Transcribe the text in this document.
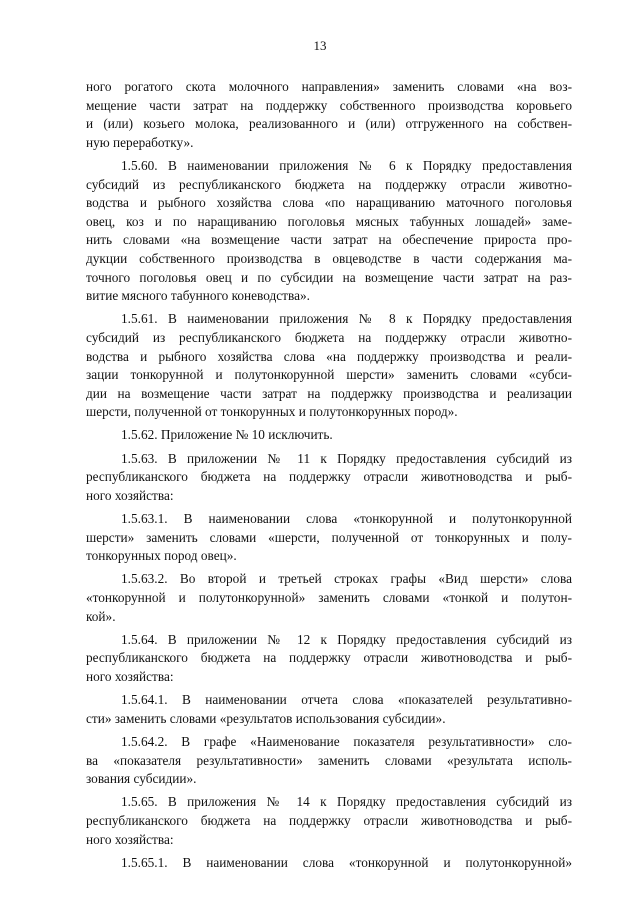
13

ного рогатого скота молочного направления» заменить словами «на воз-
мещение части затрат на поддержку собственного производства коровьего
и (или) козьего молока, реализованного и (или) отгруженного на собствен-
ную переработку».

1.5.60. В наименовании приложения № 6 к Порядку предоставления
субсидий из республиканского бюджета на поддержку отрасли животно-
водства и рыбного хозяйства слова «по наращиванию маточного поголовья
овец, коз и по наращиванию поголовья мясных табунных лошадей» заме-
нить словами «на возмещение части затрат на обеспечение прироста про-
дукции собственного производства в овцеводстве в части содержания ма-
точного поголовья овец и по субсидии на возмещение части затрат на раз-
витие мясного табунного коневодства».

1.5.61. В наименовании приложения № 8 к Порядку предоставления
субсидий из республиканского бюджета на поддержку отрасли животно-
водства и рыбного хозяйства слова «на поддержку производства и реали-
зации тонкорунной и полутонкорунной шерсти» заменить словами «субси-
дии на возмещение части затрат на поддержку производства и реализации
шерсти, полученной от тонкорунных и полутонкорунных пород».

1.5.62. Приложение № 10 исключить.

1.5.63. В приложении № 11 к Порядку предоставления субсидий из
республиканского бюджета на поддержку отрасли животноводства и рыб-
ного хозяйства:

1.5.63.1. В наименовании слова «тонкорунной и полутонкорунной
шерсти» заменить словами «шерсти, полученной от тонкорунных и полу-
тонкорунных пород овец».

1.5.63.2. Во второй и третьей строках графы «Вид шерсти» слова
«тонкорунной и полутонкорунной» заменить словами «тонкой и полутон-
кой».

1.5.64. В приложении № 12 к Порядку предоставления субсидий из
республиканского бюджета на поддержку отрасли животноводства и рыб-
ного хозяйства:

1.5.64.1. В наименовании отчета слова «показателей результативно-
сти» заменить словами «результатов использования субсидии».

1.5.64.2. В графе «Наименование показателя результативности» сло-
ва «показателя результативности» заменить словами «результата исполь-
зования субсидии».

1.5.65. В приложения № 14 к Порядку предоставления субсидий из
республиканского бюджета на поддержку отрасли животноводства и рыб-
ного хозяйства:

1.5.65.1. В наименовании слова «тонкорунной и полутонкорунной»
